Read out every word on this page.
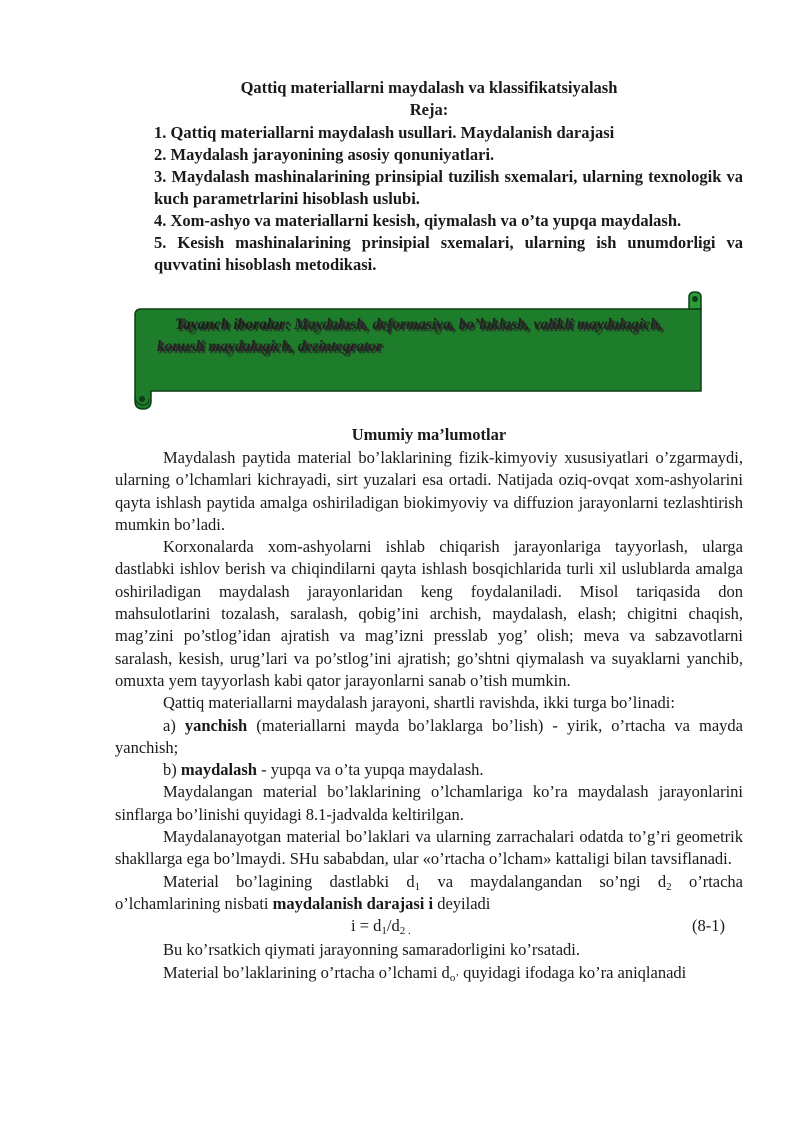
Qattiq materiallarni maydalash va klassifikatsiyalash
Reja:

1. Qattiq materiallarni maydalash usullari. Maydalanish darajasi

2. Maydalash jarayonining asosiy qonuniyatlari.

3. Maydalash mashinalarining prinsipial tuzilish sxemalari, ularning texnologik va kuch parametrlarini hisoblash uslubi.

4. Xom-ashyo va materiallarni kesish, qiymalash va o’ta yupqa maydalash.

5. Kesish mashinalarining prinsipial sxemalari, ularning ish unumdorligi va quvvatini hisoblash metodikasi.

Tayanch iboralar: Maydalash, deformasiya, bo’laklash, valikli maydalagich, konusli maydalagich, dezintegrator
Umumiy ma’lumotlar

Maydalash paytida material bo’laklarining fizik-kimyoviy xususiyatlari o’zgarmaydi, ularning o’lchamlari kichrayadi, sirt yuzalari esa ortadi. Natijada oziq-ovqat xom-ashyolarini qayta ishlash paytida amalga oshiriladigan biokimyoviy va diffuzion jarayonlarni tezlashtirish mumkin bo’ladi.

Korxonalarda xom-ashyolarni ishlab chiqarish jarayonlariga tayyorlash, ularga dastlabki ishlov berish va chiqindilarni qayta ishlash bosqichlarida turli xil uslublarda amalga oshiriladigan maydalash jarayonlaridan keng foydalaniladi. Misol tariqasida don mahsulotlarini tozalash, saralash, qobig’ini archish, maydalash, elash; chigitni chaqish, mag’zini po’stlog’idan ajratish va mag’izni presslab yog’ olish; meva va sabzavotlarni saralash, kesish, urug’lari va po’stlog’ini ajratish; go’shtni qiymalash va suyaklarni yanchib, omuxta yem tayyorlash kabi qator jarayonlarni sanab o’tish mumkin.

Qattiq materiallarni maydalash jarayoni, shartli ravishda, ikki turga bo’linadi:

a) yanchish (materiallarni mayda bo’laklarga bo’lish) - yirik, o’rtacha va mayda yanchish;

b) maydalash - yupqa va o’ta yupqa maydalash.

Maydalangan material bo’laklarining o’lchamlariga ko’ra maydalash jarayonlarini sinflarga bo’linishi quyidagi 8.1-jadvalda keltirilgan.

Maydalanayotgan material bo’laklari va ularning zarrachalari odatda to’g’ri geometrik shakllarga ega bo’lmaydi. SHu sababdan, ular «o’rtacha o’lcham» kattaligi bilan tavsiflanadi.

Material bo’lagining dastlabki $d_1$ va maydalangandan so’ngi $d_2$ o’rtacha o’lchamlarining nisbati maydalanish darajasi i deyiladi

$i = d_1/d_{2 .}$	(8-1)

Bu ko’rsatkich qiymati jarayonning samaradorligini ko’rsatadi.

Material bo’laklarining o’rtacha o’lchami $d_{o’}$ quyidagi ifodaga ko’ra aniqlanadi
